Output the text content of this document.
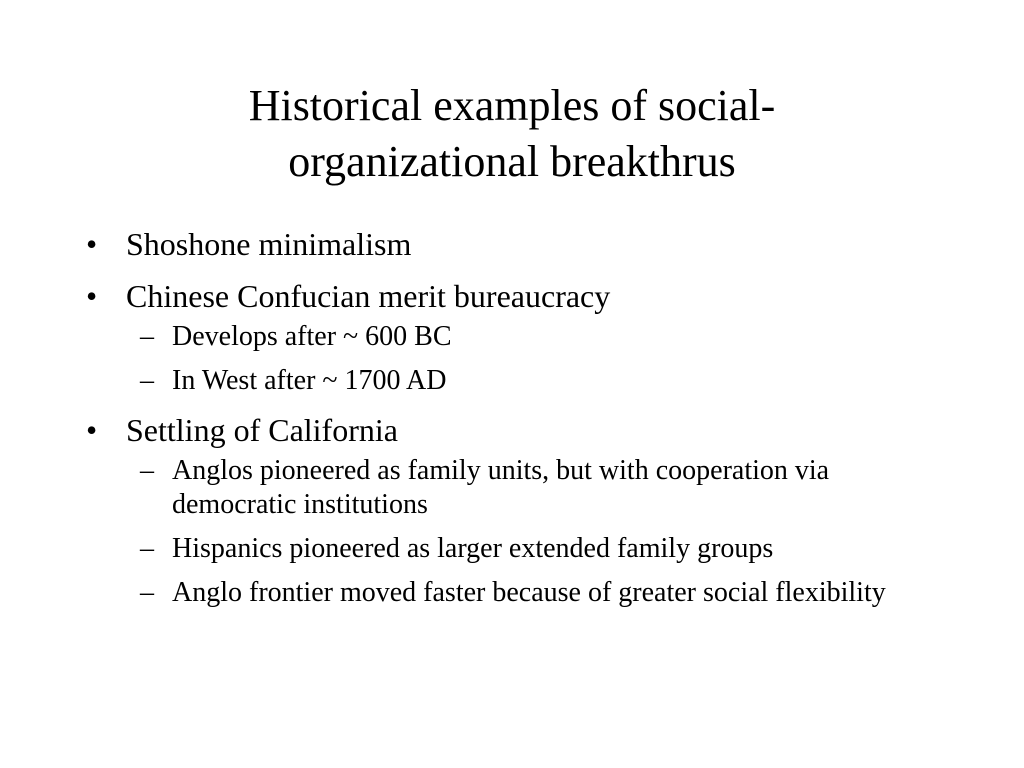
Historical examples of social-
organizational breakthrus
• Shoshone minimalism
• Chinese Confucian merit bureaucracy
– Develops after ~ 600 BC
– In West after ~ 1700 AD
• Settling of California
– Anglos pioneered as family units, but with cooperation via democratic institutions
– Hispanics pioneered as larger extended family groups
– Anglo frontier moved faster because of greater social flexibility
